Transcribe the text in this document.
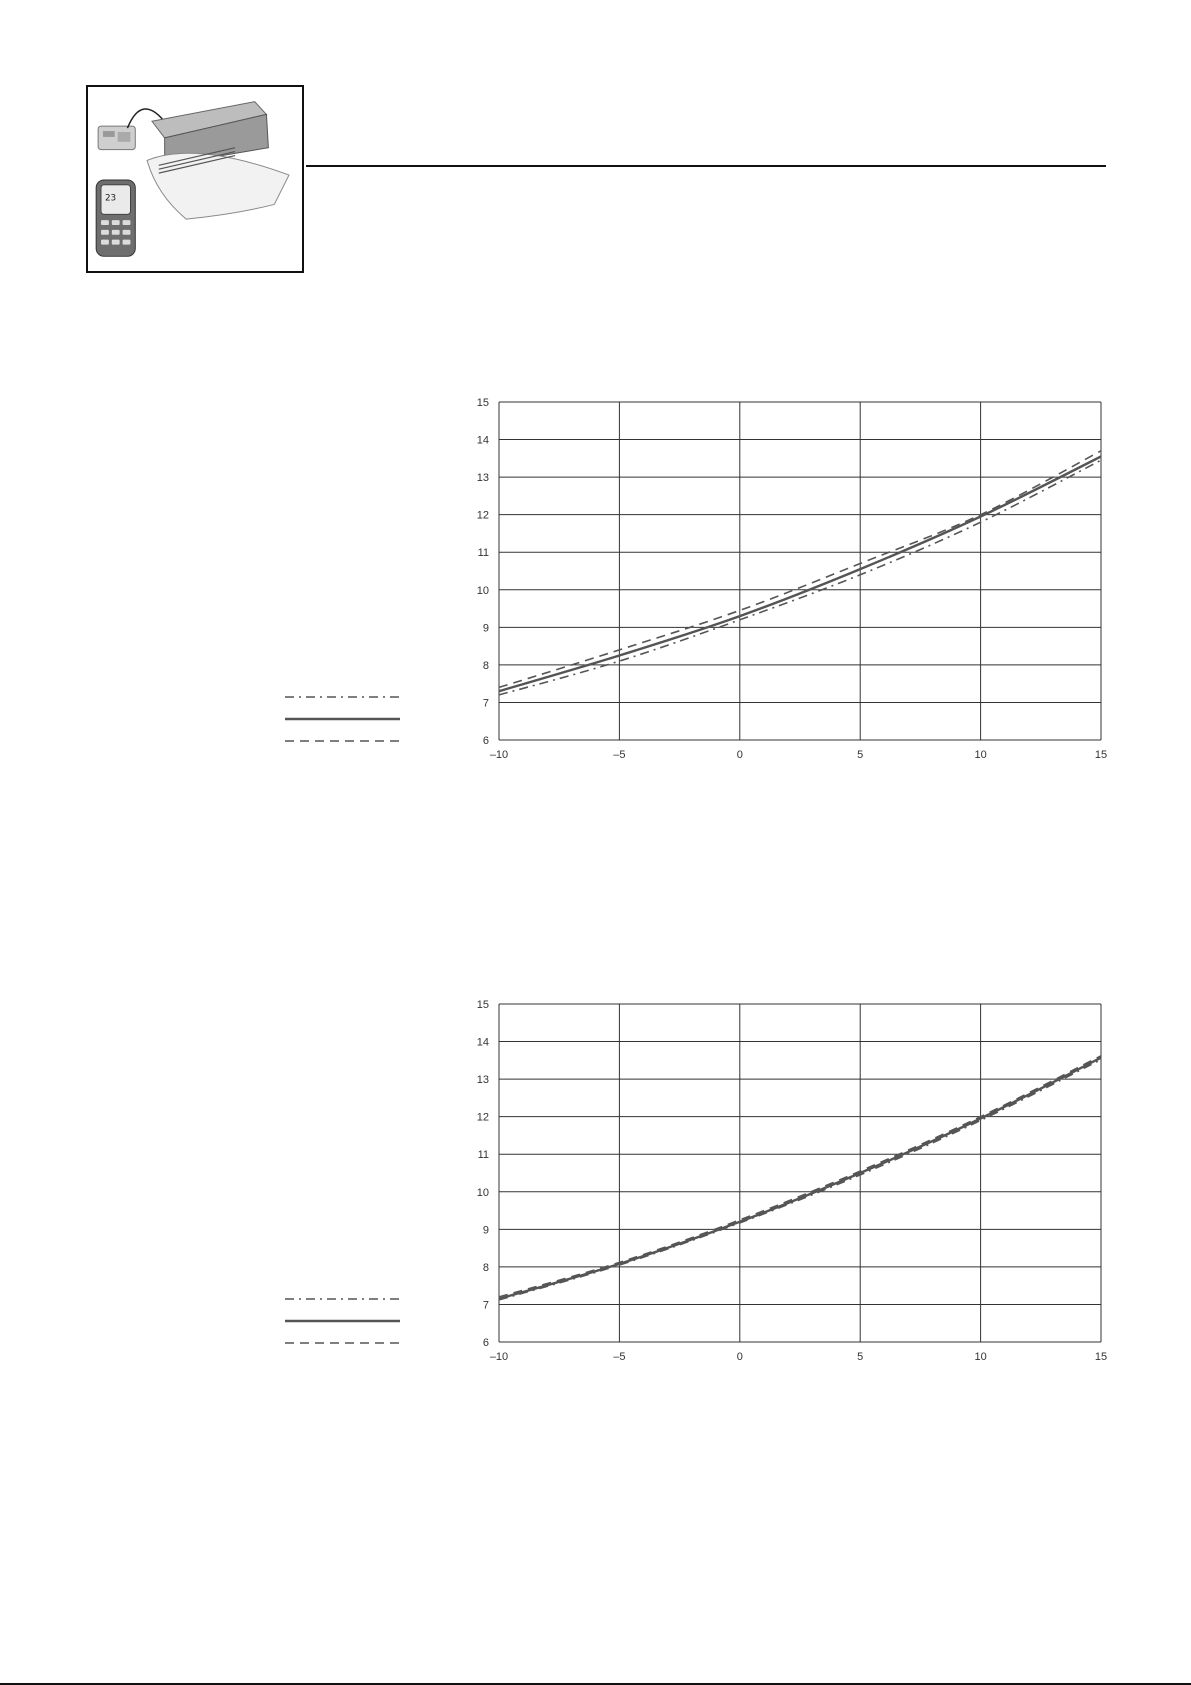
23
6
7
8
9
10
11
12
13
14
15
–10	–5	0	5	10	15
6
7
8
9
10
11
12
13
14
15
–10	–5	0	5	10	15
